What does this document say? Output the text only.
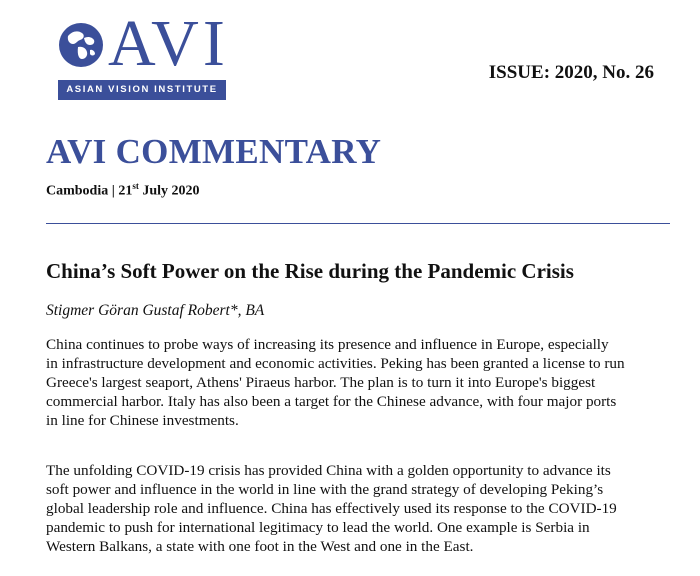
AVI
ASIAN VISION INSTITUTE
ISSUE: 2020, No. 26
AVI COMMENTARY
Cambodia | 21st July 2020
China’s Soft Power on the Rise during the Pandemic Crisis
Stigmer Göran Gustaf Robert*, BA
China continues to probe ways of increasing its presence and influence in Europe, especially
in infrastructure development and economic activities. Peking has been granted a license to run
Greece's largest seaport, Athens' Piraeus harbor. The plan is to turn it into Europe's biggest
commercial harbor. Italy has also been a target for the Chinese advance, with four major ports
in line for Chinese investments.
The unfolding COVID-19 crisis has provided China with a golden opportunity to advance its
soft power and influence in the world in line with the grand strategy of developing Peking’s
global leadership role and influence. China has effectively used its response to the COVID-19
pandemic to push for international legitimacy to lead the world. One example is Serbia in
Western Balkans, a state with one foot in the West and one in the East.
